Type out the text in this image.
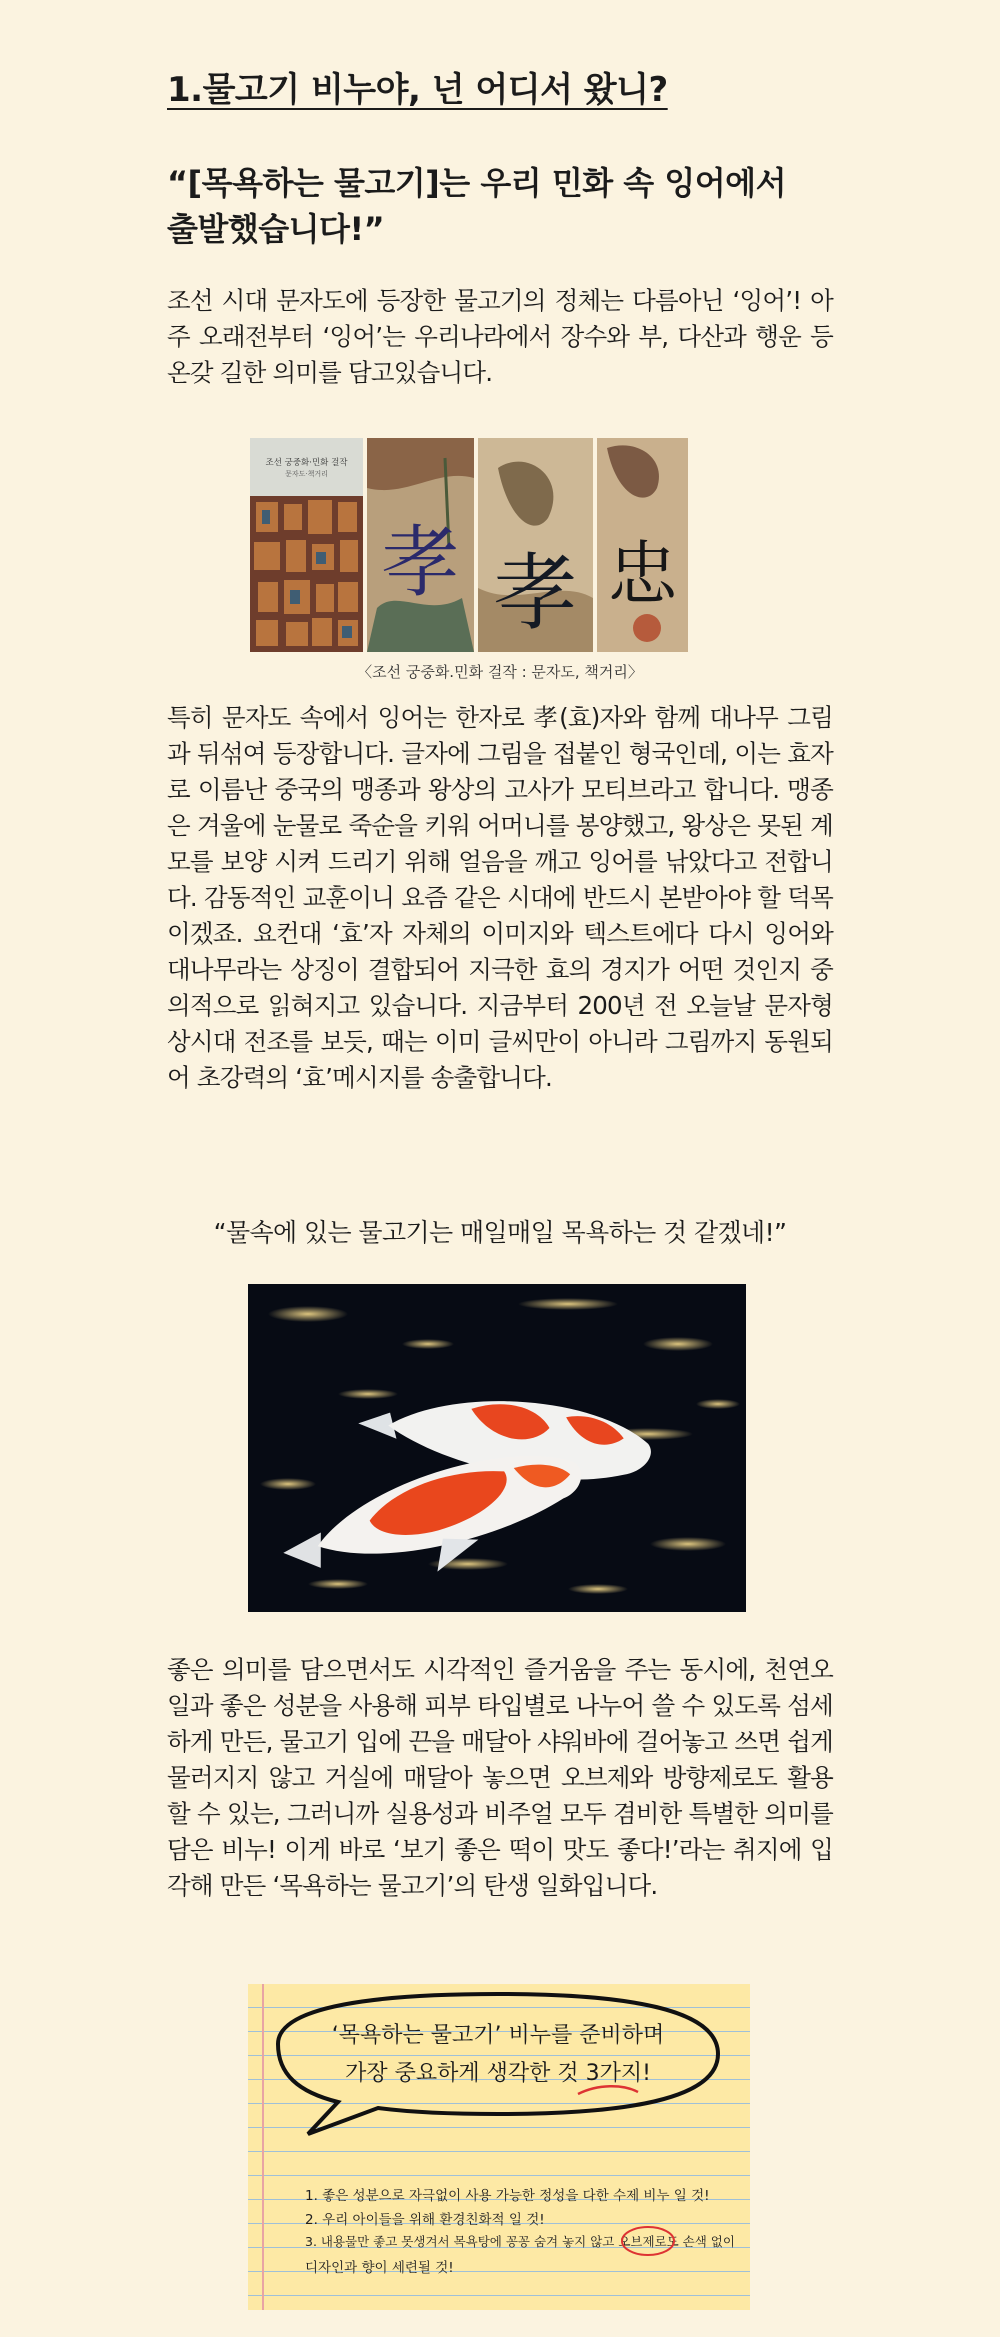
1.물고기 비누야, 넌 어디서 왔니?
“[목욕하는 물고기]는 우리 민화 속 잉어에서
출발했습니다!”

조선 시대 문자도에 등장한 물고기의 정체는 다름아닌 ‘잉어’! 아주 오래전부터 ‘잉어’는 우리나라에서 장수와 부, 다산과 행운 등 온갖 길한 의미를 담고있습니다.

조선 궁중화·민화 걸작
문자도·책거리
孝 孝 忠
〈조선 궁중화.민화 걸작 : 문자도, 책거리〉

특히 문자도 속에서 잉어는 한자로 孝(효)자와 함께 대나무 그림과 뒤섞여 등장합니다. 글자에 그림을 접붙인 형국인데, 이는 효자로 이름난 중국의 맹종과 왕상의 고사가 모티브라고 합니다. 맹종은 겨울에 눈물로 죽순을 키워 어머니를 봉양했고, 왕상은 못된 계모를 보양 시켜 드리기 위해 얼음을 깨고 잉어를 낚았다고 전합니다. 감동적인 교훈이니 요즘 같은 시대에 반드시 본받아야 할 덕목이겠죠. 요컨대 ‘효’자 자체의 이미지와 텍스트에다 다시 잉어와 대나무라는 상징이 결합되어 지극한 효의 경지가 어떤 것인지 중의적으로 읽혀지고 있습니다. 지금부터 200년 전 오늘날 문자형상시대 전조를 보듯, 때는 이미 글씨만이 아니라 그림까지 동원되어 초강력의 ‘효’메시지를 송출합니다.

“물속에 있는 물고기는 매일매일 목욕하는 것 같겠네!”

좋은 의미를 담으면서도 시각적인 즐거움을 주는 동시에, 천연오일과 좋은 성분을 사용해 피부 타입별로 나누어 쓸 수 있도록 섬세하게 만든, 물고기 입에 끈을 매달아 샤워바에 걸어놓고 쓰면 쉽게 물러지지 않고 거실에 매달아 놓으면 오브제와 방향제로도 활용할 수 있는, 그러니까 실용성과 비주얼 모두 겸비한 특별한 의미를 담은 비누! 이게 바로 ‘보기 좋은 떡이 맛도 좋다!’라는 취지에 입각해 만든 ‘목욕하는 물고기’의 탄생 일화입니다.

‘목욕하는 물고기’ 비누를 준비하며
가장 중요하게 생각한 것 3가지!
1. 좋은 성분으로 자극없이 사용 가능한 정성을 다한 수제 비누 일 것!
2. 우리 아이들을 위해 환경친화적 일 것!
3. 내용물만 좋고 못생겨서 목욕탕에 꽁꽁 숨겨 놓지 않고 오브제로도 손색 없이
디자인과 향이 세련될 것!
